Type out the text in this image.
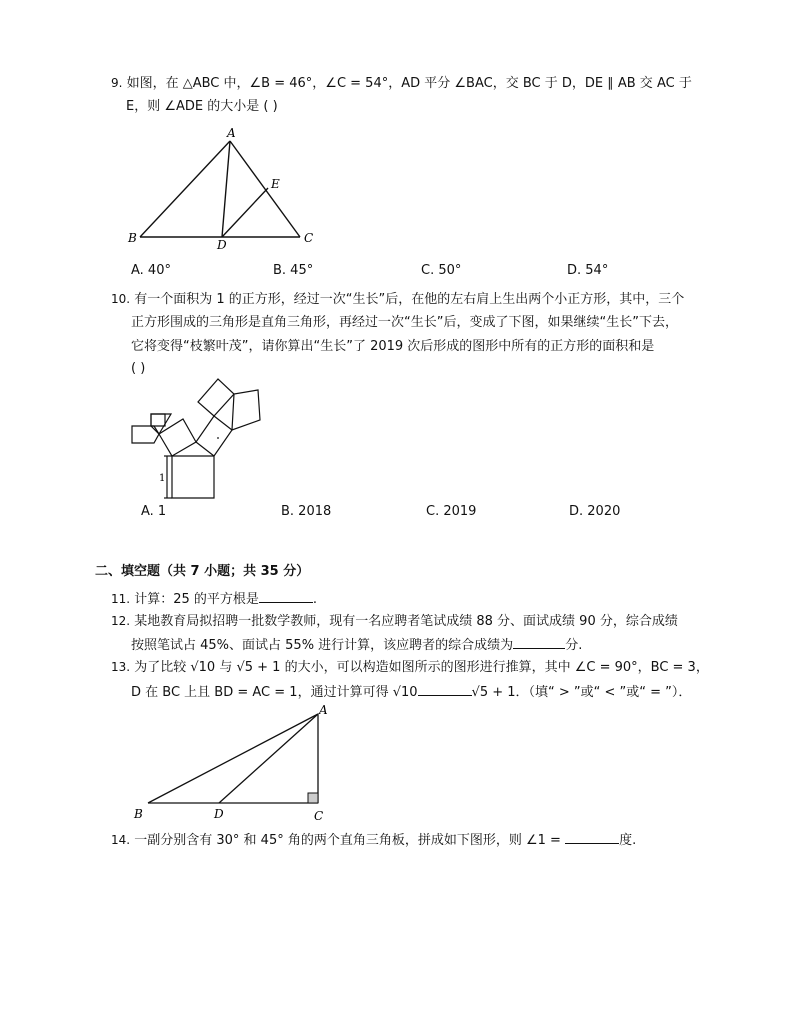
9. 如图，在 △ABC 中，∠B = 46°，∠C = 54°，AD 平分 ∠BAC，交 BC 于 D，DE ∥ AB 交 AC 于
E，则 ∠ADE 的大小是 ( )
A
B	C
D
E
A. 40°	B. 45°	C. 50°	D. 54°
10. 有一个面积为 1 的正方形，经过一次“生长”后，在他的左右肩上生出两个小正方形，其中，三个
正方形围成的三角形是直角三角形，再经过一次“生长”后，变成了下图，如果继续“生长”下去，
它将变得“枝繁叶茂”，请你算出“生长”了 2019 次后形成的图形中所有的正方形的面积和是
( )
1
A. 1	B. 2018	C. 2019	D. 2020
二、填空题（共 7 小题；共 35 分）
11. 计算：25 的平方根是	.
12. 某地教育局拟招聘一批数学教师，现有一名应聘者笔试成绩 88 分、面试成绩 90 分，综合成绩
按照笔试占 45%、面试占 55% 进行计算，该应聘者的综合成绩为	分.
13. 为了比较 √10 与 √5 + 1 的大小，可以构造如图所示的图形进行推算，其中 ∠C = 90°，BC = 3，
D 在 BC 上且 BD = AC = 1，通过计算可得 √10	√5 + 1．（填“ > ”或“ < ”或“ = ”）．
A
B	C
D
14. 一副分别含有 30° 和 45° 角的两个直角三角板，拼成如下图形，则 ∠1 =	度.
